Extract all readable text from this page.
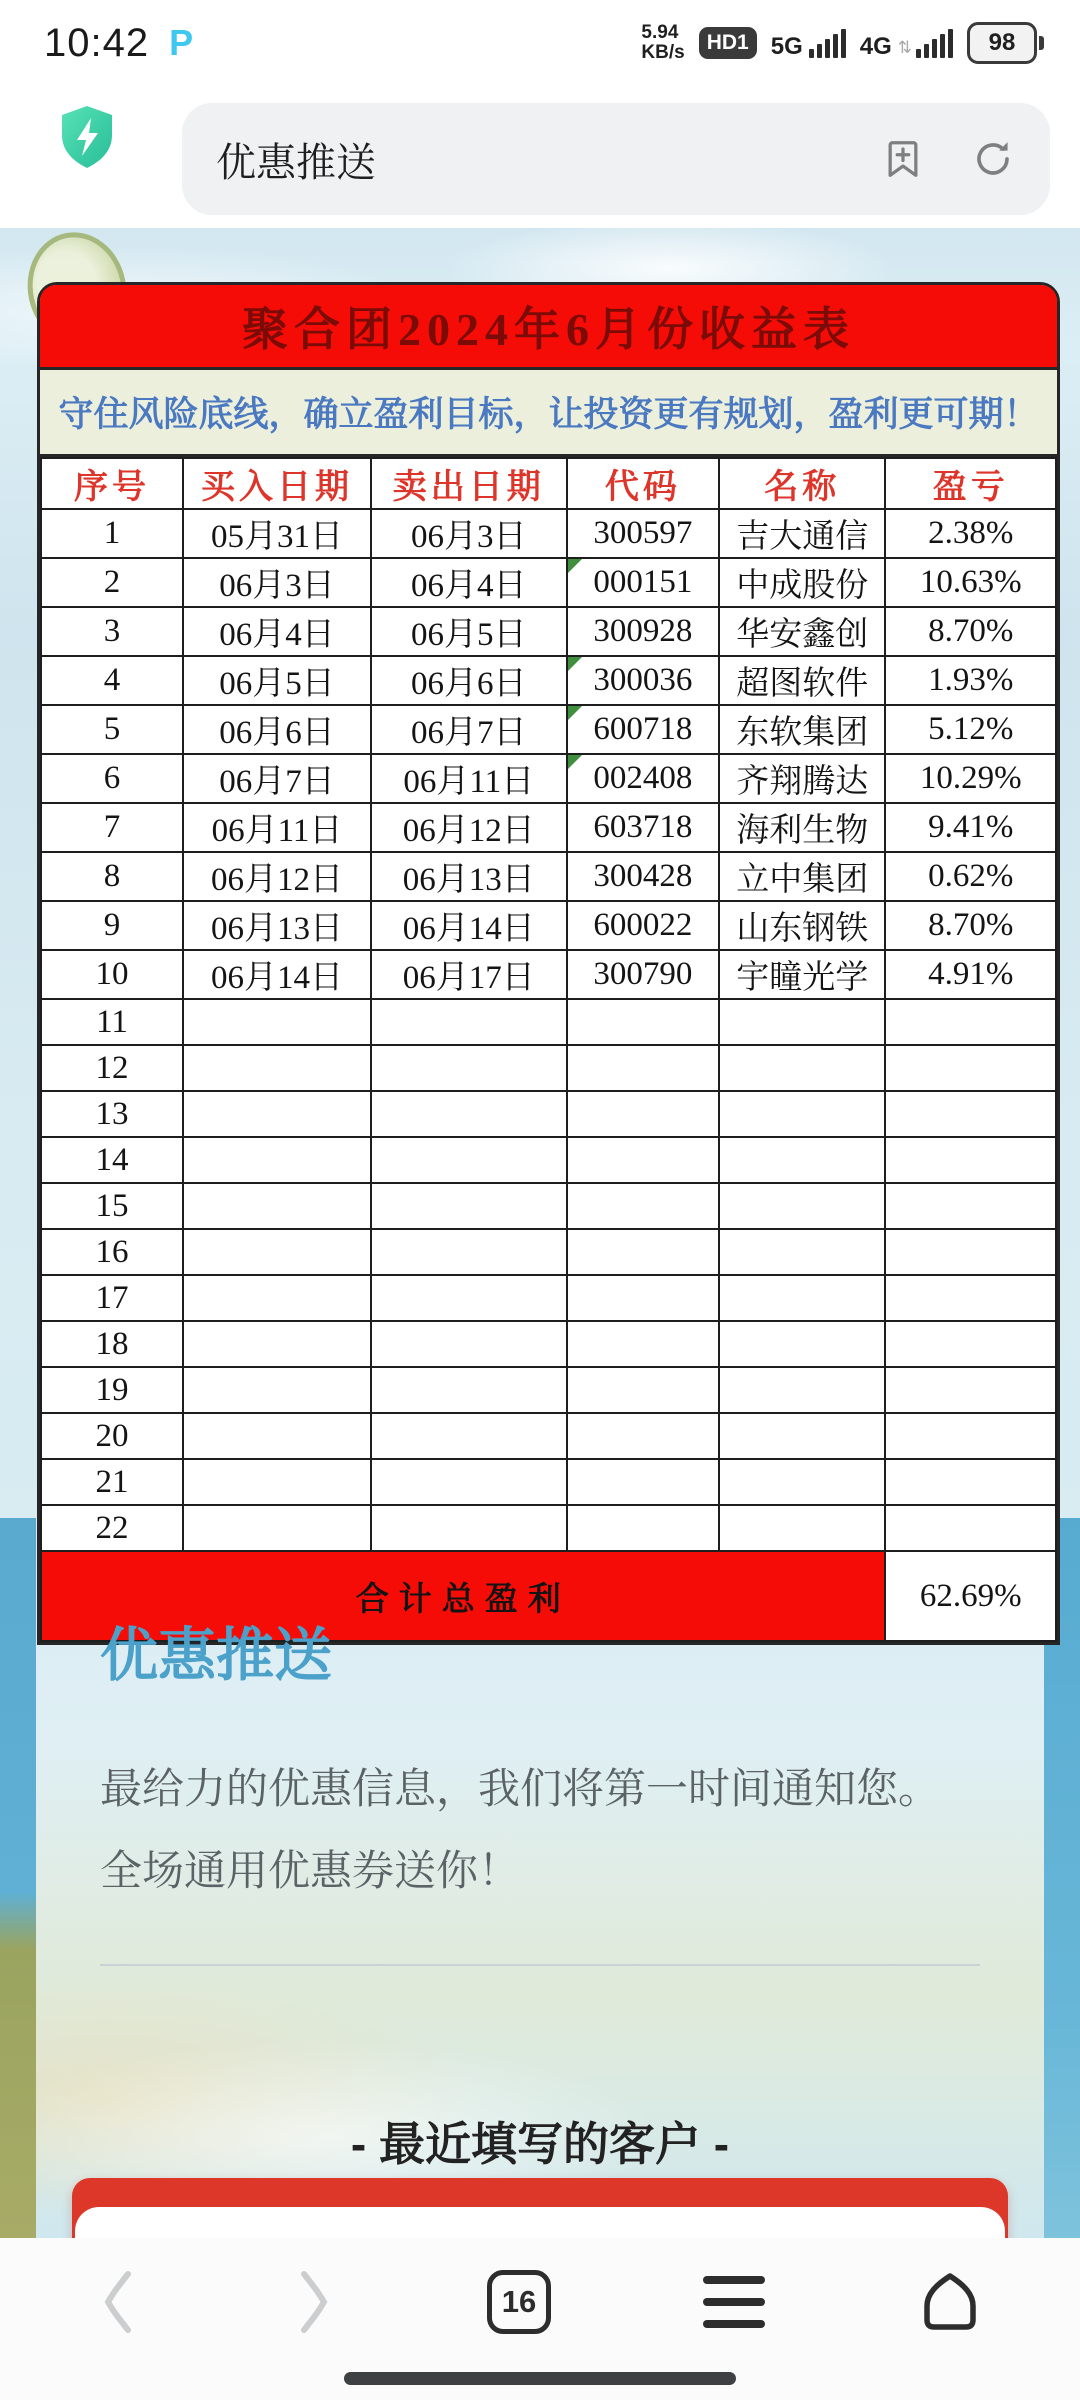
10:42 P	5.94
KB/s	HD1 5G 4G ⇅	98
优惠推送
聚合团2024年6月份收益表
守住风险底线，确立盈利目标，让投资更有规划，盈利更可期！
序号	买入日期	卖出日期	代码	名称	盈亏
1	05月31日	06月3日	300597	吉大通信	2.38%
2	06月3日	06月4日	000151	中成股份	10.63%
3	06月4日	06月5日	300928	华安鑫创	8.70%
4	06月5日	06月6日	300036	超图软件	1.93%
5	06月6日	06月7日	600718	东软集团	5.12%
6	06月7日	06月11日	002408	齐翔腾达	10.29%
7	06月11日	06月12日	603718	海利生物	9.41%
8	06月12日	06月13日	300428	立中集团	0.62%
9	06月13日	06月14日	600022	山东钢铁	8.70%
10	06月14日	06月17日	300790	宇瞳光学	4.91%
11					
12					
13					
14					
15					
16					
17					
18					
19					
20					
21					
22					
合计总盈利					62.69%
优惠推送
最给力的优惠信息，我们将第一时间通知您。
全场通用优惠券送你！
- 最近填写的客户 -
16
